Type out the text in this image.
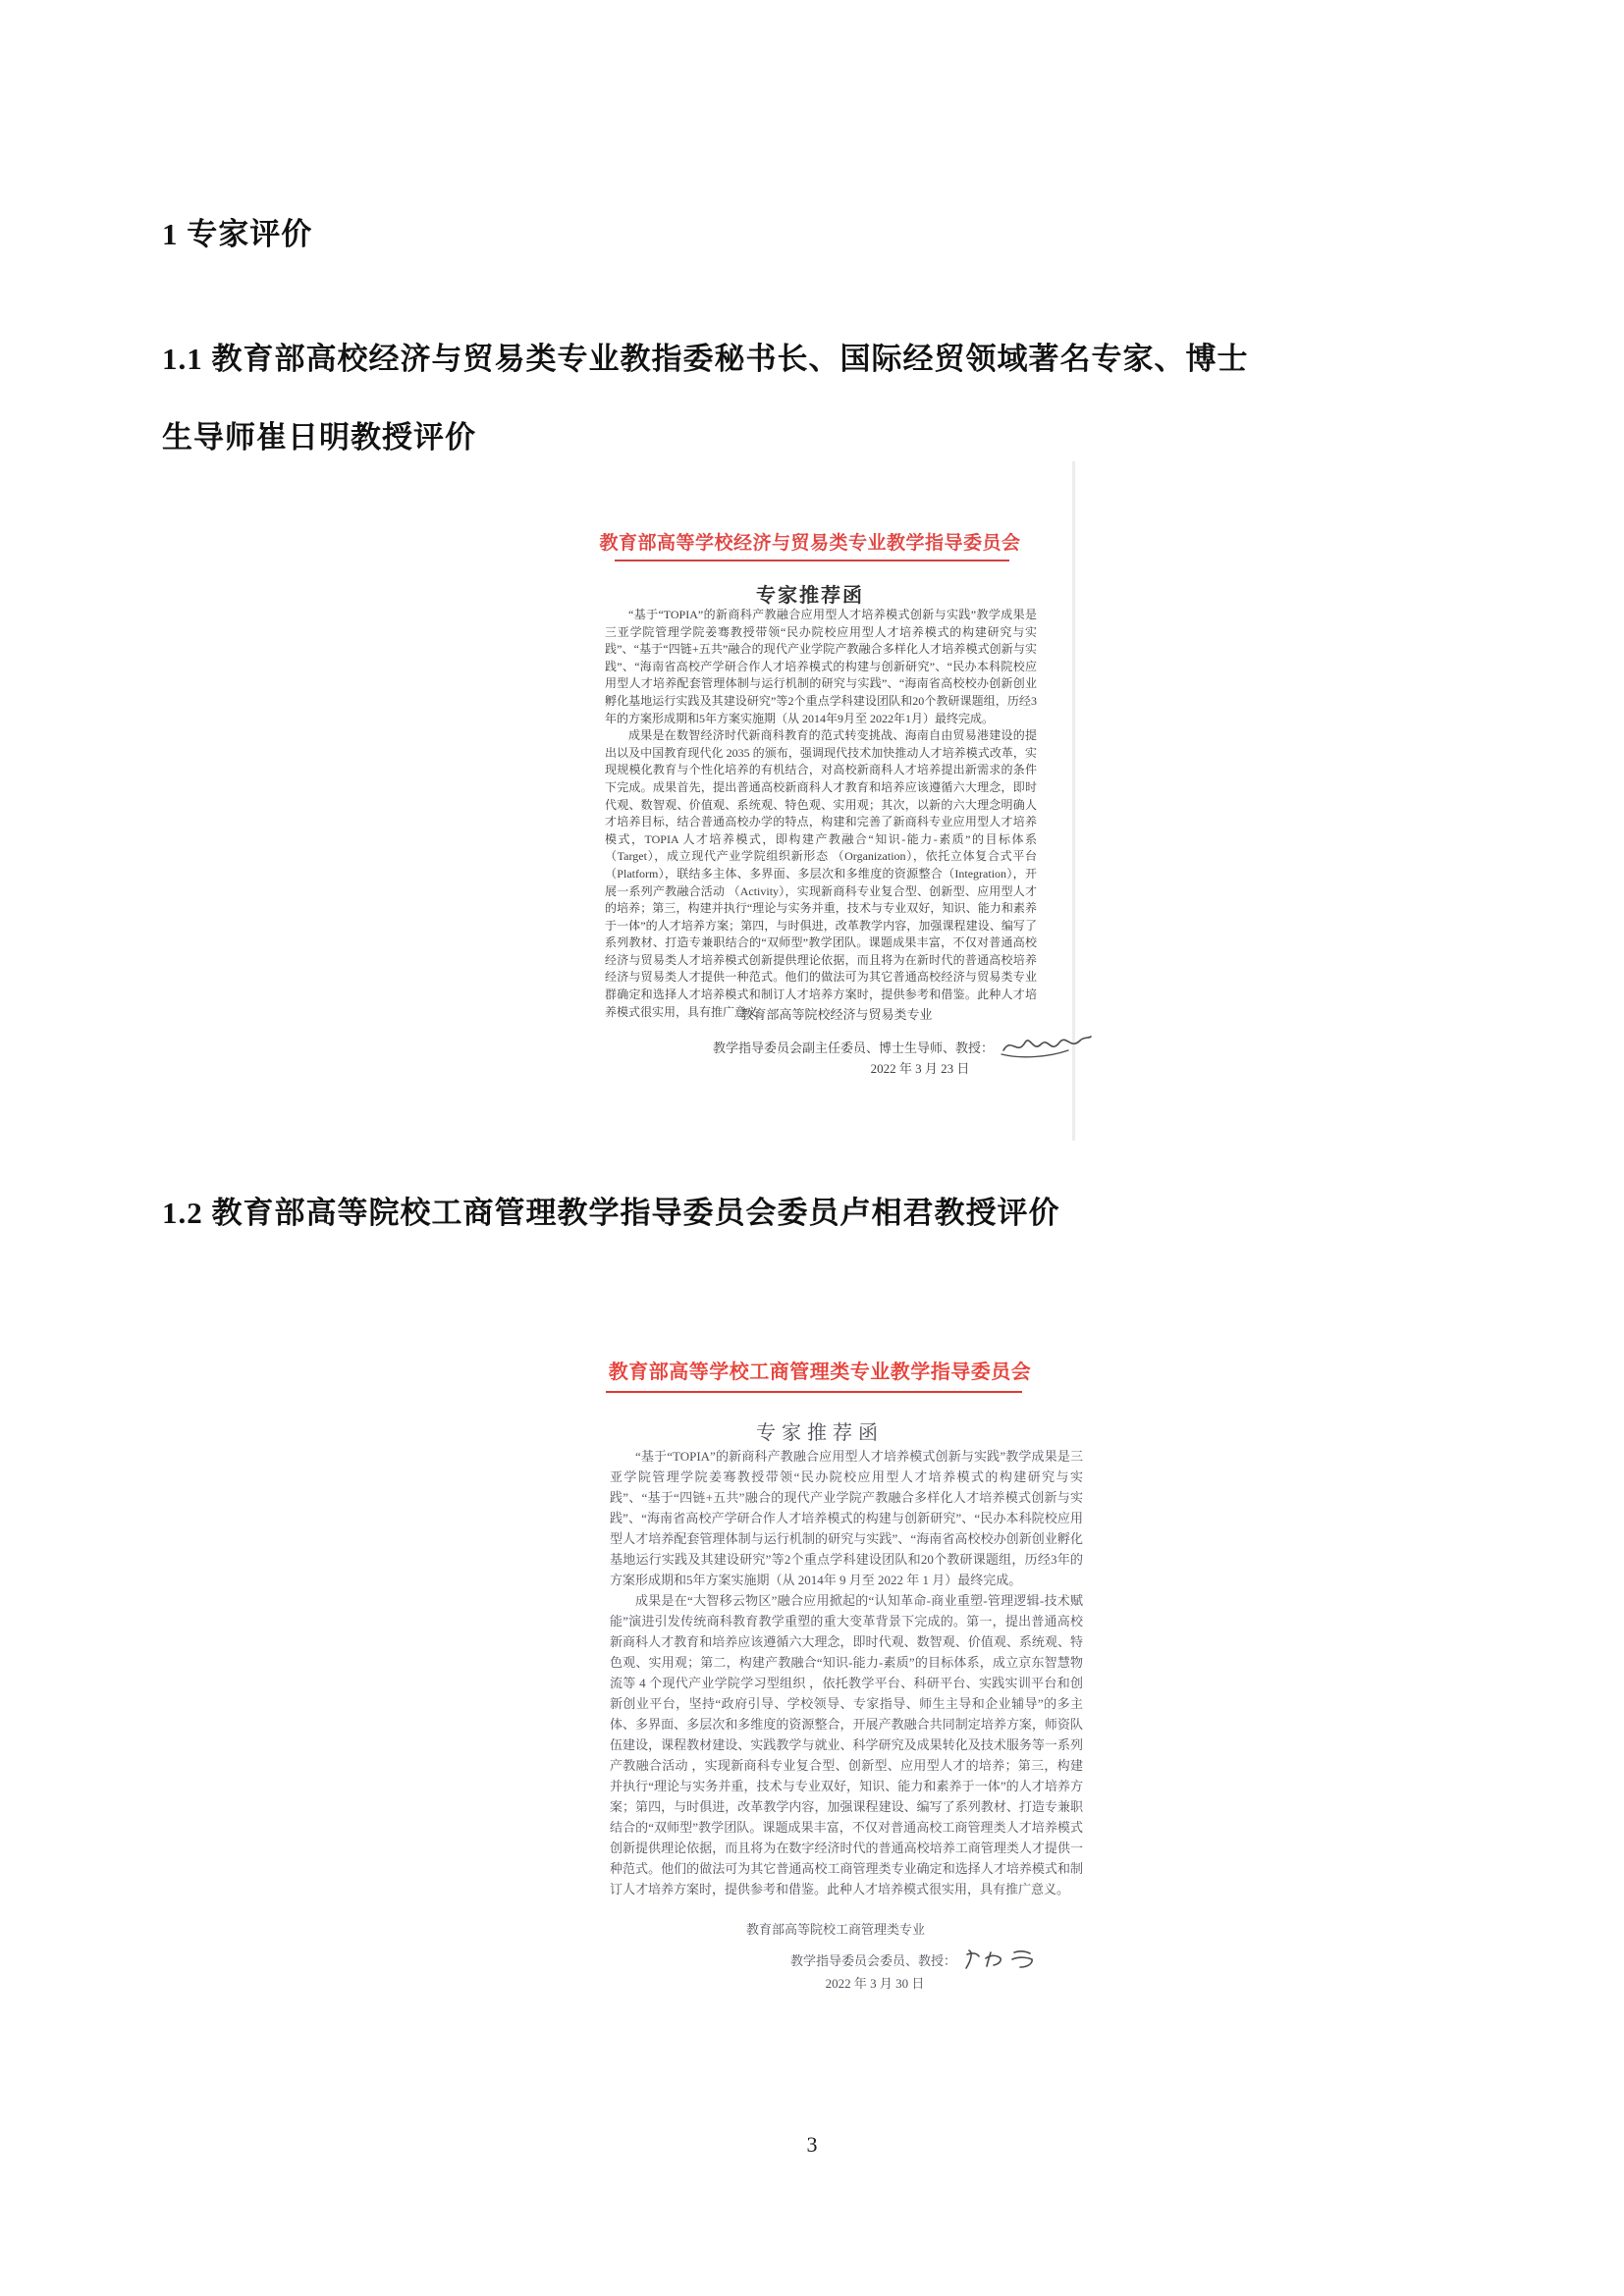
1 专家评价
1.1 教育部高校经济与贸易类专业教指委秘书长、国际经贸领域著名专家、博士
生导师崔日明教授评价
教育部高等学校经济与贸易类专业教学指导委员会
专家推荐函

“基于“TOPIA”的新商科产教融合应用型人才培养模式创新与实践”教学成果是三亚学院管理学院姜骞教授带领“民办院校应用型人才培养模式的构建研究与实践”、“基于“四链+五共”融合的现代产业学院产教融合多样化人才培养模式创新与实践”、“海南省高校产学研合作人才培养模式的构建与创新研究”、“民办本科院校应用型人才培养配套管理体制与运行机制的研究与实践”、“海南省高校校办创新创业孵化基地运行实践及其建设研究”等2个重点学科建设团队和20个教研课题组，历经3年的方案形成期和5年方案实施期（从 2014年9月至 2022年1月）最终完成。

成果是在数智经济时代新商科教育的范式转变挑战、海南自由贸易港建设的提出以及中国教育现代化 2035 的颁布，强调现代技术加快推动人才培养模式改革，实现规模化教育与个性化培养的有机结合，对高校新商科人才培养提出新需求的条件下完成。成果首先，提出普通高校新商科人才教育和培养应该遵循六大理念，即时代观、数智观、价值观、系统观、特色观、实用观；其次，以新的六大理念明确人才培养目标，结合普通高校办学的特点，构建和完善了新商科专业应用型人才培养模式，TOPIA 人才培养模式，即构建产教融合“知识-能力-素质”的目标体系（Target），成立现代产业学院组织新形态 （Organization），依托立体复合式平台（Platform），联结多主体、多界面、多层次和多维度的资源整合（Integration），开展一系列产教融合活动 （Activity），实现新商科专业复合型、创新型、应用型人才的培养；第三，构建并执行“理论与实务并重，技术与专业双好，知识、能力和素养于一体”的人才培养方案；第四，与时俱进，改革教学内容，加强课程建设、编写了系列教材、打造专兼职结合的“双师型”教学团队。课题成果丰富，不仅对普通高校经济与贸易类人才培养模式创新提供理论依据，而且将为在新时代的普通高校培养经济与贸易类人才提供一种范式。他们的做法可为其它普通高校经济与贸易类专业群确定和选择人才培养模式和制订人才培养方案时，提供参考和借鉴。此种人才培养模式很实用，具有推广意义。

教育部高等院校经济与贸易类专业
教学指导委员会副主任委员、博士生导师、教授：
2022 年 3 月 23 日
1.2 教育部高等院校工商管理教学指导委员会委员卢相君教授评价
教育部高等学校工商管理类专业教学指导委员会
专家推荐函

“基于“TOPIA”的新商科产教融合应用型人才培养模式创新与实践”教学成果是三亚学院管理学院姜骞教授带领“民办院校应用型人才培养模式的构建研究与实践”、“基于“四链+五共”融合的现代产业学院产教融合多样化人才培养模式创新与实践”、“海南省高校产学研合作人才培养模式的构建与创新研究”、“民办本科院校应用型人才培养配套管理体制与运行机制的研究与实践”、“海南省高校校办创新创业孵化基地运行实践及其建设研究”等2个重点学科建设团队和20个教研课题组，历经3年的方案形成期和5年方案实施期（从 2014年 9 月至 2022 年 1 月）最终完成。

成果是在“大智移云物区”融合应用掀起的“认知革命-商业重塑-管理逻辑-技术赋能”演进引发传统商科教育教学重塑的重大变革背景下完成的。第一，提出普通高校新商科人才教育和培养应该遵循六大理念，即时代观、数智观、价值观、系统观、特色观、实用观；第二，构建产教融合“知识-能力-素质”的目标体系，成立京东智慧物流等 4 个现代产业学院学习型组织 ，依托教学平台、科研平台、实践实训平台和创新创业平台，坚持“政府引导、学校领导、专家指导、师生主导和企业辅导”的多主体、多界面、多层次和多维度的资源整合，开展产教融合共同制定培养方案，师资队伍建设，课程教材建设、实践教学与就业、科学研究及成果转化及技术服务等一系列产教融合活动 ，实现新商科专业复合型、创新型、应用型人才的培养；第三，构建并执行“理论与实务并重，技术与专业双好，知识、能力和素养于一体”的人才培养方案；第四，与时俱进，改革教学内容，加强课程建设、编写了系列教材、打造专兼职结合的“双师型”教学团队。课题成果丰富，不仅对普通高校工商管理类人才培养模式创新提供理论依据，而且将为在数字经济时代的普通高校培养工商管理类人才提供一种范式。他们的做法可为其它普通高校工商管理类专业确定和选择人才培养模式和制订人才培养方案时，提供参考和借鉴。此种人才培养模式很实用，具有推广意义。

教育部高等院校工商管理类专业
教学指导委员会委员、教授：
2022 年 3 月 30 日
3
